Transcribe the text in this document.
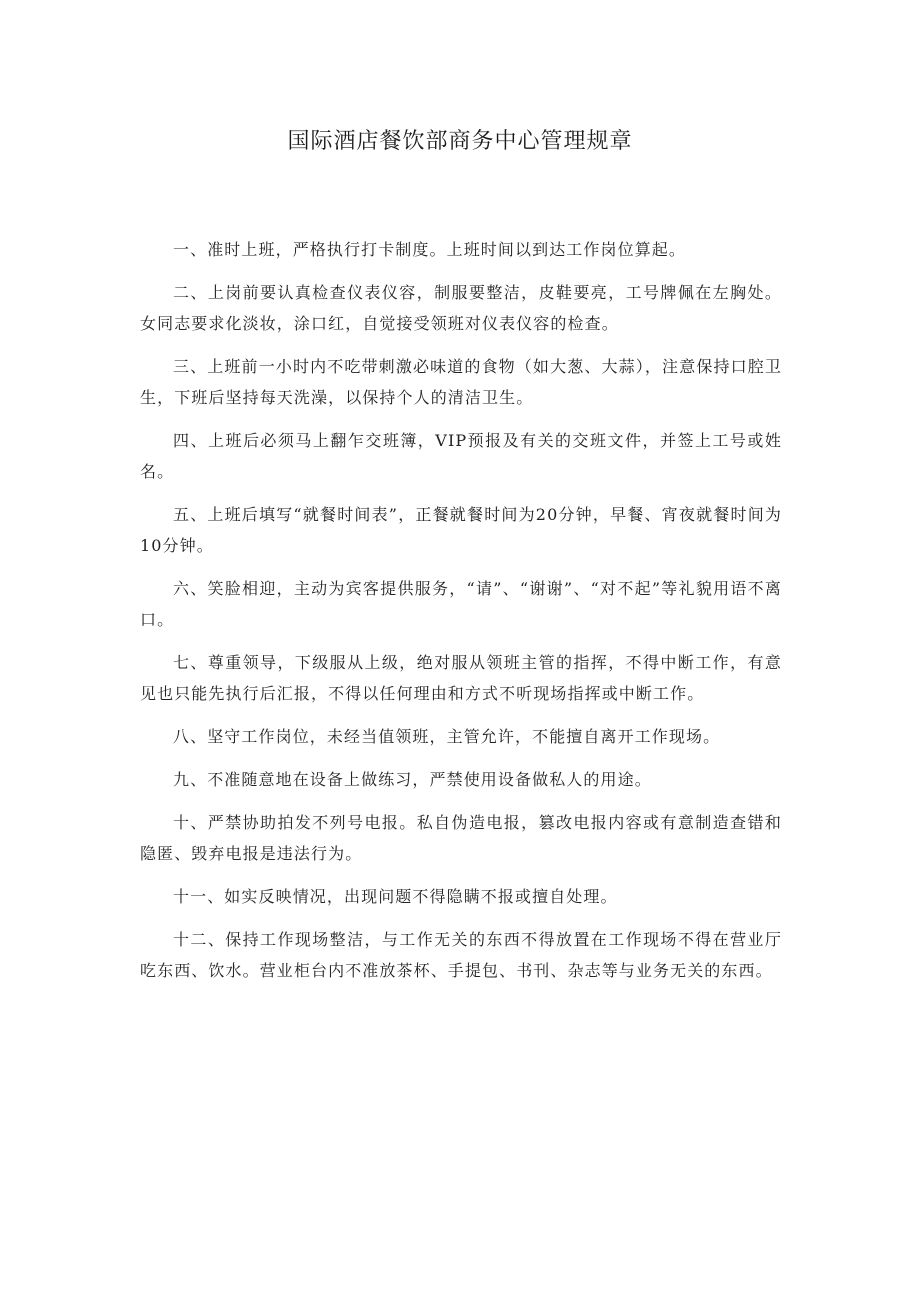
国际酒店餐饮部商务中心管理规章

一、准时上班，严格执行打卡制度。上班时间以到达工作岗位算起。

二、上岗前要认真检查仪表仪容，制服要整洁，皮鞋要亮，工号牌佩在左胸处。女同志要求化淡妆，涂口红，自觉接受领班对仪表仪容的检查。

三、上班前一小时内不吃带刺激必味道的食物（如大葱、大蒜），注意保持口腔卫生，下班后坚持每天洗澡，以保持个人的清洁卫生。

四、上班后必须马上翻乍交班簿，VIP预报及有关的交班文件，并签上工号或姓名。

五、上班后填写“就餐时间表”，正餐就餐时间为20分钟，早餐、宵夜就餐时间为10分钟。

六、笑脸相迎，主动为宾客提供服务，“请”、“谢谢”、“对不起”等礼貌用语不离口。

七、尊重领导，下级服从上级，绝对服从领班主管的指挥，不得中断工作，有意见也只能先执行后汇报，不得以任何理由和方式不听现场指挥或中断工作。

八、坚守工作岗位，未经当值领班，主管允许，不能擅自离开工作现场。

九、不准随意地在设备上做练习，严禁使用设备做私人的用途。

十、严禁协助拍发不列号电报。私自伪造电报，篡改电报内容或有意制造查错和隐匿、毁弃电报是违法行为。

十一、如实反映情况，出现问题不得隐瞒不报或擅自处理。

十二、保持工作现场整洁，与工作无关的东西不得放置在工作现场不得在营业厅吃东西、饮水。营业柜台内不准放茶杯、手提包、书刊、杂志等与业务无关的东西。
